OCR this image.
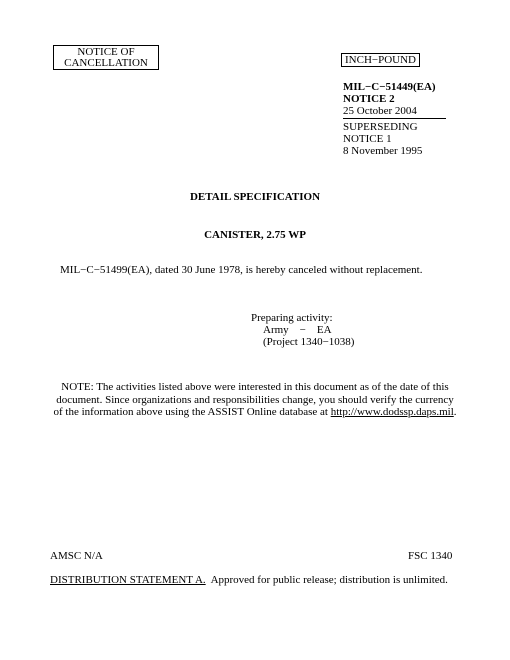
NOTICE OF
CANCELLATION	INCH−POUND
MIL−C−51449(EA)
NOTICE 2
25 October 2004
SUPERSEDING
NOTICE 1
8 November 1995
DETAIL SPECIFICATION
CANISTER, 2.75 WP
MIL−C−51499(EA), dated 30 June 1978, is hereby canceled without replacement.
Preparing activity:
Army    −    EA
(Project 1340−1038)
NOTE: The activities listed above were interested in this document as of the date of this
document. Since organizations and responsibilities change, you should verify the currency
of the information above using the ASSIST Online database at http://www.dodssp.daps.mil.
AMSC N/A	FSC 1340
DISTRIBUTION STATEMENT A.  Approved for public release; distribution is unlimited.
